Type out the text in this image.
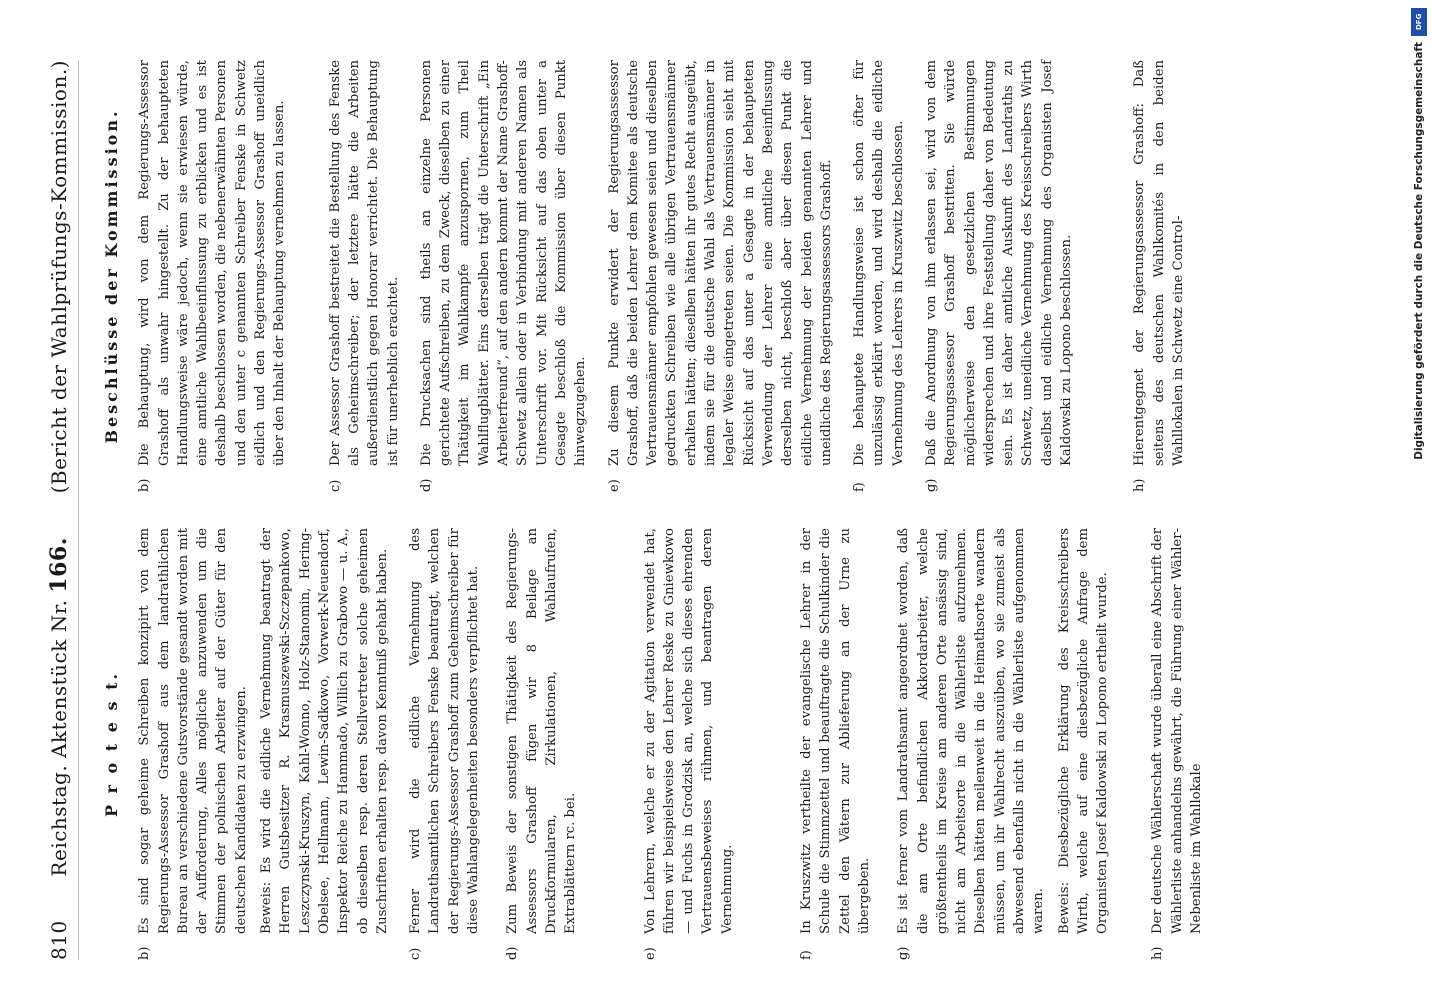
810
Reichstag. Aktenstück Nr. 166.
(Bericht der Wahlprüfungs-Kommission.)
P r o t e s t.
b)
Es sind sogar geheime Schreiben konzipirt von dem Regierungs-Assessor Grashoff aus dem landrathlichen Bureau an verschiedene Gutsvorstände gesandt worden mit der Aufforderung, Alles mögliche anzuwenden um die Stimmen der polnischen Arbeiter auf der Güter für den deutschen Kandidaten zu erzwingen. Beweis: Es wird die eidliche Vernehmung beantragt der Herren Gutsbesitzer R. Krasmuszewski-Szczepankowo, Leszczynski-Kruszyn, Kahl-Wonno, Holz-Stanomin, Hering-Obelsee, Hellmann, Lewin-Sadkowo, Vorwerk-Neuendorf, Inspektor Reiche zu Hammado, Willich zu Grabowo — u. A., ob dieselben resp. deren Stellvertreter solche geheimen Zuschriften erhalten resp. davon Kenntniß gehabt haben.
c)
Ferner wird die eidliche Vernehmung des Landrathsamtlichen Schreibers Fenske beantragt, welchen der Regierungs-Assessor Grashoff zum Geheimschreiber für diese Wahlangelegenheiten besonders verpflichtet hat.
d)
Zum Beweis der sonstigen Thätigkeit des Regierungs-Assessors Grashoff fügen wir 8 Beilage an Druckformularen, Zirkulationen, Wahlaufrufen, Extrablättern rc. bei.
e)
Von Lehrern, welche er zu der Agitation verwendet hat, führen wir beispielsweise den Lehrer Reske zu Gniewkowo — und Fuchs in Grodzisk an, welche sich dieses ehrenden Vertrauensbeweises rühmen, und beantragen deren Vernehmung.
f)
In Kruszwitz vertheilte der evangelische Lehrer in der Schule die Stimmzettel und beauftragte die Schulkinder die Zettel den Vätern zur Ablieferung an der Urne zu übergeben.
g)
Es ist ferner vom Landrathsamt angeordnet worden, daß die am Orte befindlichen Akkordarbeiter, welche größtentheils im Kreise am anderen Orte ansässig sind, nicht am Arbeitsorte in die Wählerliste aufzunehmen. Dieselben hätten meilenweit in die Heimathsorte wandern müssen, um ihr Wahlrecht auszuüben, wo sie zumeist als abwesend ebenfalls nicht in die Wählerliste aufgenommen waren. Beweis: Diesbezügliche Erklärung des Kreisschreibers Wirth, welche auf eine diesbezügliche Anfrage dem Organisten Josef Kaldowski zu Lopono ertheilt wurde.
h)
Der deutsche Wählerschaft wurde überall eine Abschrift der Wählerliste anhandelns gewährt, die Führung einer Wähler-Nebenliste im Wahllokale
Beschlüsse der Kommission.
b)
Die Behauptung, wird von dem Regierungs-Assessor Grashoff als unwahr hingestellt. Zu der behaupteten Handlungsweise wäre jedoch, wenn sie erwiesen würde, eine amtliche Wahlbeeinflussung zu erblicken und es ist deshalb beschlossen worden, die nebenerwähnten Personen und den unter c genannten Schreiber Fenske in Schwetz eidlich und den Regierungs-Assessor Grashoff uneidlich über den Inhalt der Behauptung vernehmen zu lassen.
c)
Der Assessor Grashoff bestreitet die Bestellung des Fenske als Geheimschreiber; der letztere hätte die Arbeiten außerdienstlich gegen Honorar verrichtet. Die Behauptung ist für unerheblich erachtet.
d)
Die Drucksachen sind theils an einzelne Personen gerichtete Aufschreiben, zu dem Zweck, dieselben zu einer Thätigkeit im Wahlkampfe anzuspornen, zum Theil Wahlflugblätter. Eins derselben trägt die Unterschrift „Ein Arbeiterfreund“, auf den andern kommt der Name Grashoff-Schwetz allein oder in Verbindung mit anderen Namen als Unterschrift vor. Mit Rücksicht auf das oben unter a Gesagte beschloß die Kommission über diesen Punkt hinwegzugehen.
e)
Zu diesem Punkte erwidert der Regierungsassessor Grashoff, daß die beiden Lehrer dem Komitee als deutsche Vertrauensmänner empfohlen gewesen seien und dieselben gedruckten Schreiben wie alle übrigen Vertrauensmänner erhalten hätten; dieselben hätten ihr gutes Recht ausgeübt, indem sie für die deutsche Wahl als Vertrauensmänner in legaler Weise eingetreten seien. Die Kommission sieht mit Rücksicht auf das unter a Gesagte in der behaupteten Verwendung der Lehrer eine amtliche Beeinflussung derselben nicht, beschloß aber über diesen Punkt die eidliche Vernehmung der beiden genannten Lehrer und uneidliche des Regierungsassessors Grashoff.
f)
Die behauptete Handlungsweise ist schon öfter für unzulässig erklärt worden, und wird deshalb die eidliche Vernehmung des Lehrers in Kruszwitz beschlossen.
g)
Daß die Anordnung von ihm erlassen sei, wird von dem Regierungsassessor Grashoff bestritten. Sie würde möglicherweise den gesetzlichen Bestimmungen widersprechen und ihre Feststellung daher von Bedeutung sein. Es ist daher amtliche Auskunft des Landraths zu Schwetz, uneidliche Vernehmung des Kreisschreibers Wirth daselbst und eidliche Vernehmung des Organisten Josef Kaldowski zu Lopono beschlossen.
h)
Hierentgegnet der Regierungsassessor Grashoff: Daß seitens des deutschen Wahlkomités in den beiden Wahllokalen in Schwetz eine Control-
DFG
Digitalisierung gefördert durch die Deutsche Forschungsgemeinschaft
